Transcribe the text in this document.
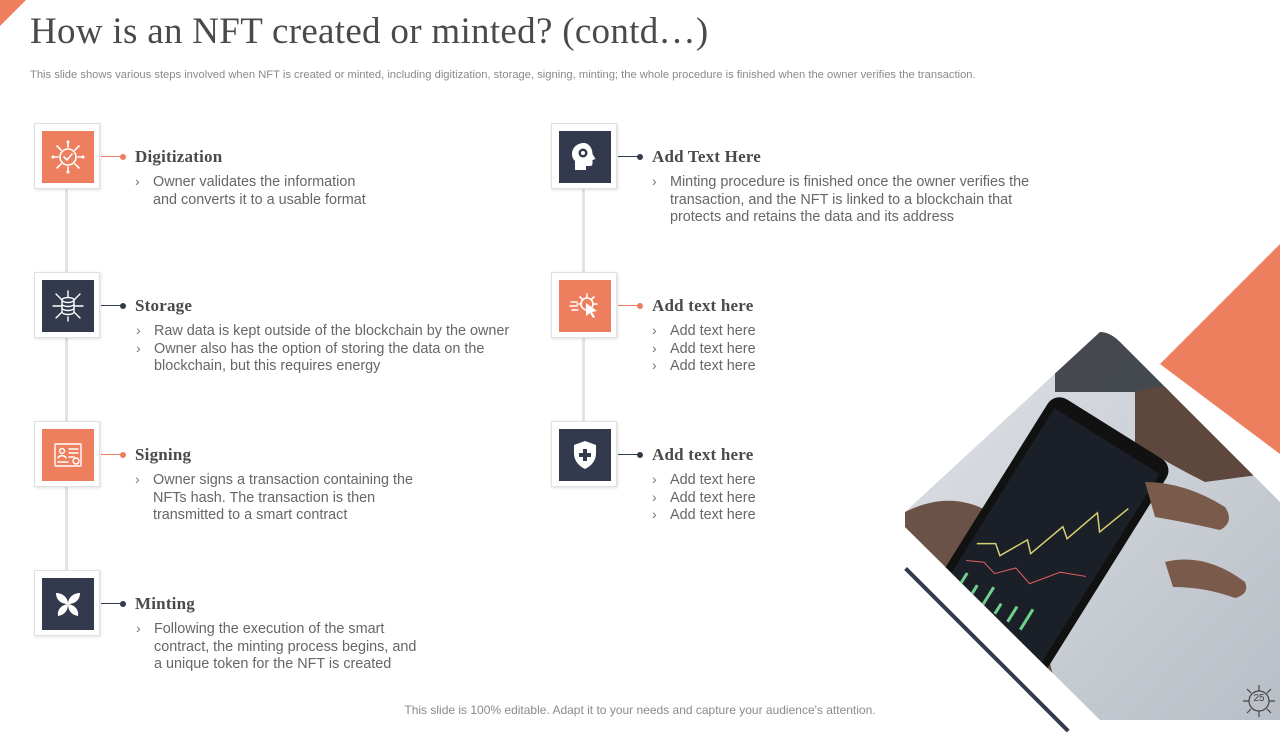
How is an NFT created or minted? (contd…)

This slide shows various steps involved when NFT is created or minted, including digitization, storage, signing, minting; the whole procedure is finished when the owner verifies the transaction.

Digitization
› Owner validates the information
and converts it to a usable format
Storage
› Raw data is kept outside of the blockchain by the owner
› Owner also has the option of storing the data on the
blockchain, but this requires energy
Signing
› Owner signs a transaction containing the
NFTs hash. The transaction is then
transmitted to a smart contract
Minting
› Following the execution of the smart
contract, the minting process begins, and
a unique token for the NFT is created
Add Text Here
› Minting procedure is finished once the owner verifies the
transaction, and the NFT is linked to a blockchain that
protects and retains the data and its address
Add text here
› Add text here
› Add text here
› Add text here
Add text here
› Add text here
› Add text here
› Add text here

This slide is 100% editable. Adapt it to your needs and capture your audience's attention.

25
